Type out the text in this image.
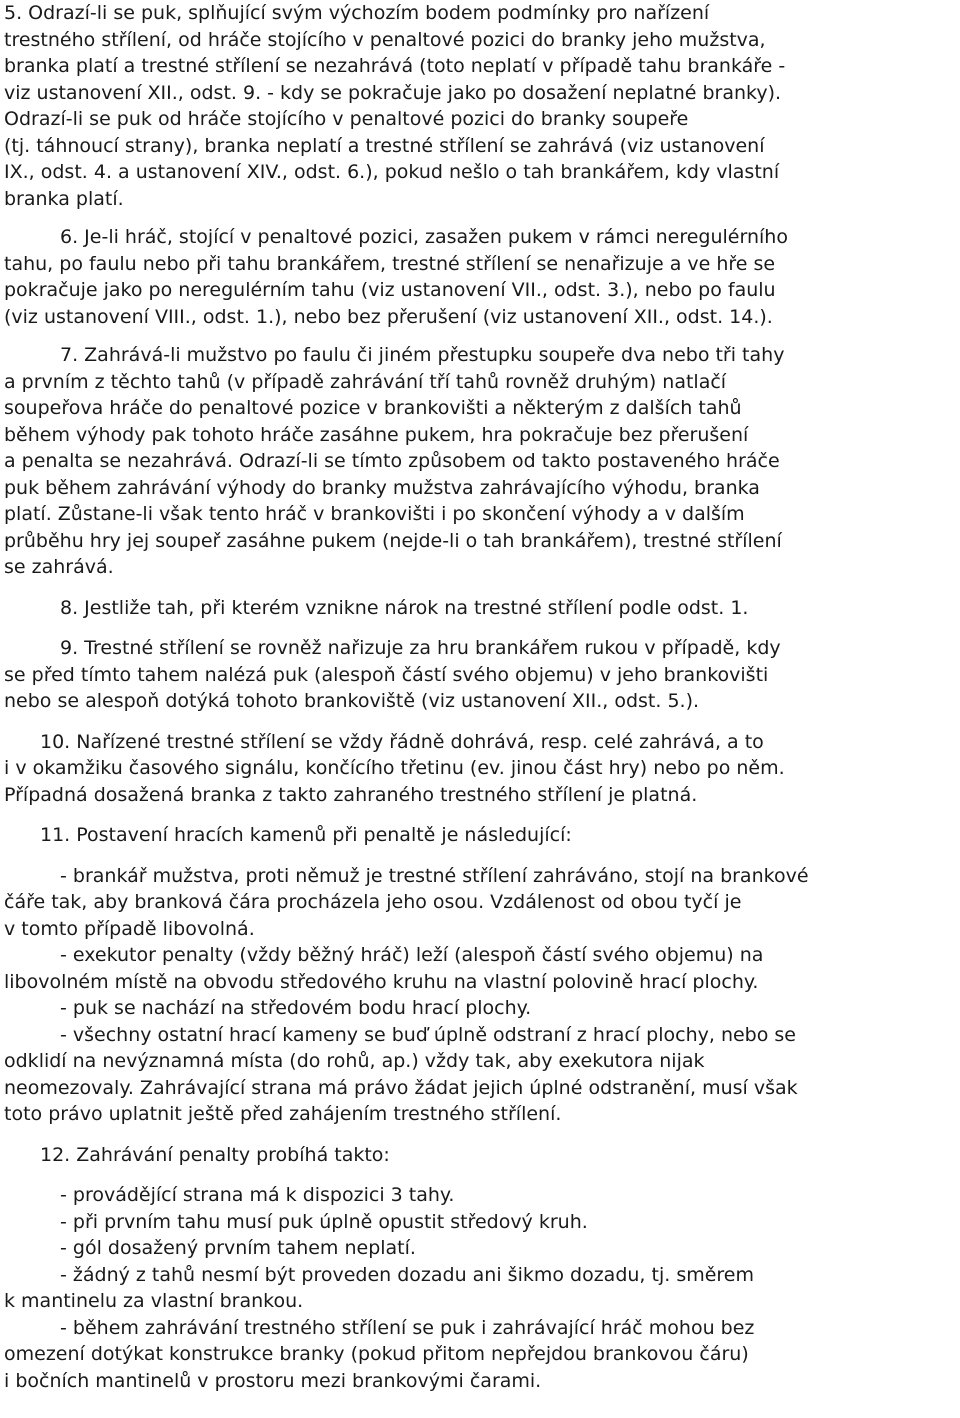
5. Odrazí-li se puk, splňující svým výchozím bodem podmínky pro nařízení

trestného střílení, od hráče stojícího v penaltové pozici do branky jeho mužstva,

branka platí a trestné střílení se nezahrává (toto neplatí v případě tahu brankáře -

viz ustanovení XII., odst. 9. - kdy se pokračuje jako po dosažení neplatné branky).

Odrazí-li se puk od hráče stojícího v penaltové pozici do branky soupeře

(tj. táhnoucí strany), branka neplatí a trestné střílení se zahrává (viz ustanovení

IX., odst. 4. a ustanovení XIV., odst. 6.), pokud nešlo o tah brankářem, kdy vlastní

branka platí.

6. Je-li hráč, stojící v penaltové pozici, zasažen pukem v rámci neregulérního

tahu, po faulu nebo při tahu brankářem, trestné střílení se nenařizuje a ve hře se

pokračuje jako po neregulérním tahu (viz ustanovení VII., odst. 3.), nebo po faulu

(viz ustanovení VIII., odst. 1.), nebo bez přerušení (viz ustanovení XII., odst. 14.).

7. Zahrává-li mužstvo po faulu či jiném přestupku soupeře dva nebo tři tahy

a prvním z těchto tahů (v případě zahrávání tří tahů rovněž druhým) natlačí

soupeřova hráče do penaltové pozice v brankovišti a některým z dalších tahů

během výhody pak tohoto hráče zasáhne pukem, hra pokračuje bez přerušení

a penalta se nezahrává. Odrazí-li se tímto způsobem od takto postaveného hráče

puk během zahrávání výhody do branky mužstva zahrávajícího výhodu, branka

platí. Zůstane-li však tento hráč v brankovišti i po skončení výhody a v dalším

průběhu hry jej soupeř zasáhne pukem (nejde-li o tah brankářem), trestné střílení

se zahrává.

8. Jestliže tah, při kterém vznikne nárok na trestné střílení podle odst. 1.

9. Trestné střílení se rovněž nařizuje za hru brankářem rukou v případě, kdy

se před tímto tahem nalézá puk (alespoň částí svého objemu) v jeho brankovišti

nebo se alespoň dotýká tohoto brankoviště (viz ustanovení XII., odst. 5.).

10. Nařízené trestné střílení se vždy řádně dohrává, resp. celé zahrává, a to

i v okamžiku časového signálu, končícího třetinu (ev. jinou část hry) nebo po něm.

Případná dosažená branka z takto zahraného trestného střílení je platná.

11. Postavení hracích kamenů při penaltě je následující:

- brankář mužstva, proti němuž je trestné střílení zahráváno, stojí na brankové

čáře tak, aby branková čára procházela jeho osou. Vzdálenost od obou tyčí je

v tomto případě libovolná.

- exekutor penalty (vždy běžný hráč) leží (alespoň částí svého objemu) na

libovolném místě na obvodu středového kruhu na vlastní polovině hrací plochy.

- puk se nachází na středovém bodu hrací plochy.

- všechny ostatní hrací kameny se buď úplně odstraní z hrací plochy, nebo se

odklidí na nevýznamná místa (do rohů, ap.) vždy tak, aby exekutora nijak

neomezovaly. Zahrávající strana má právo žádat jejich úplné odstranění, musí však

toto právo uplatnit ještě před zahájením trestného střílení.

12. Zahrávání penalty probíhá takto:

- provádějící strana má k dispozici 3 tahy.

- při prvním tahu musí puk úplně opustit středový kruh.

- gól dosažený prvním tahem neplatí.

- žádný z tahů nesmí být proveden dozadu ani šikmo dozadu, tj. směrem

k mantinelu za vlastní brankou.

- během zahrávání trestného střílení se puk i zahrávající hráč mohou bez

omezení dotýkat konstrukce branky (pokud přitom nepřejdou brankovou čáru)

i bočních mantinelů v prostoru mezi brankovými čarami.
